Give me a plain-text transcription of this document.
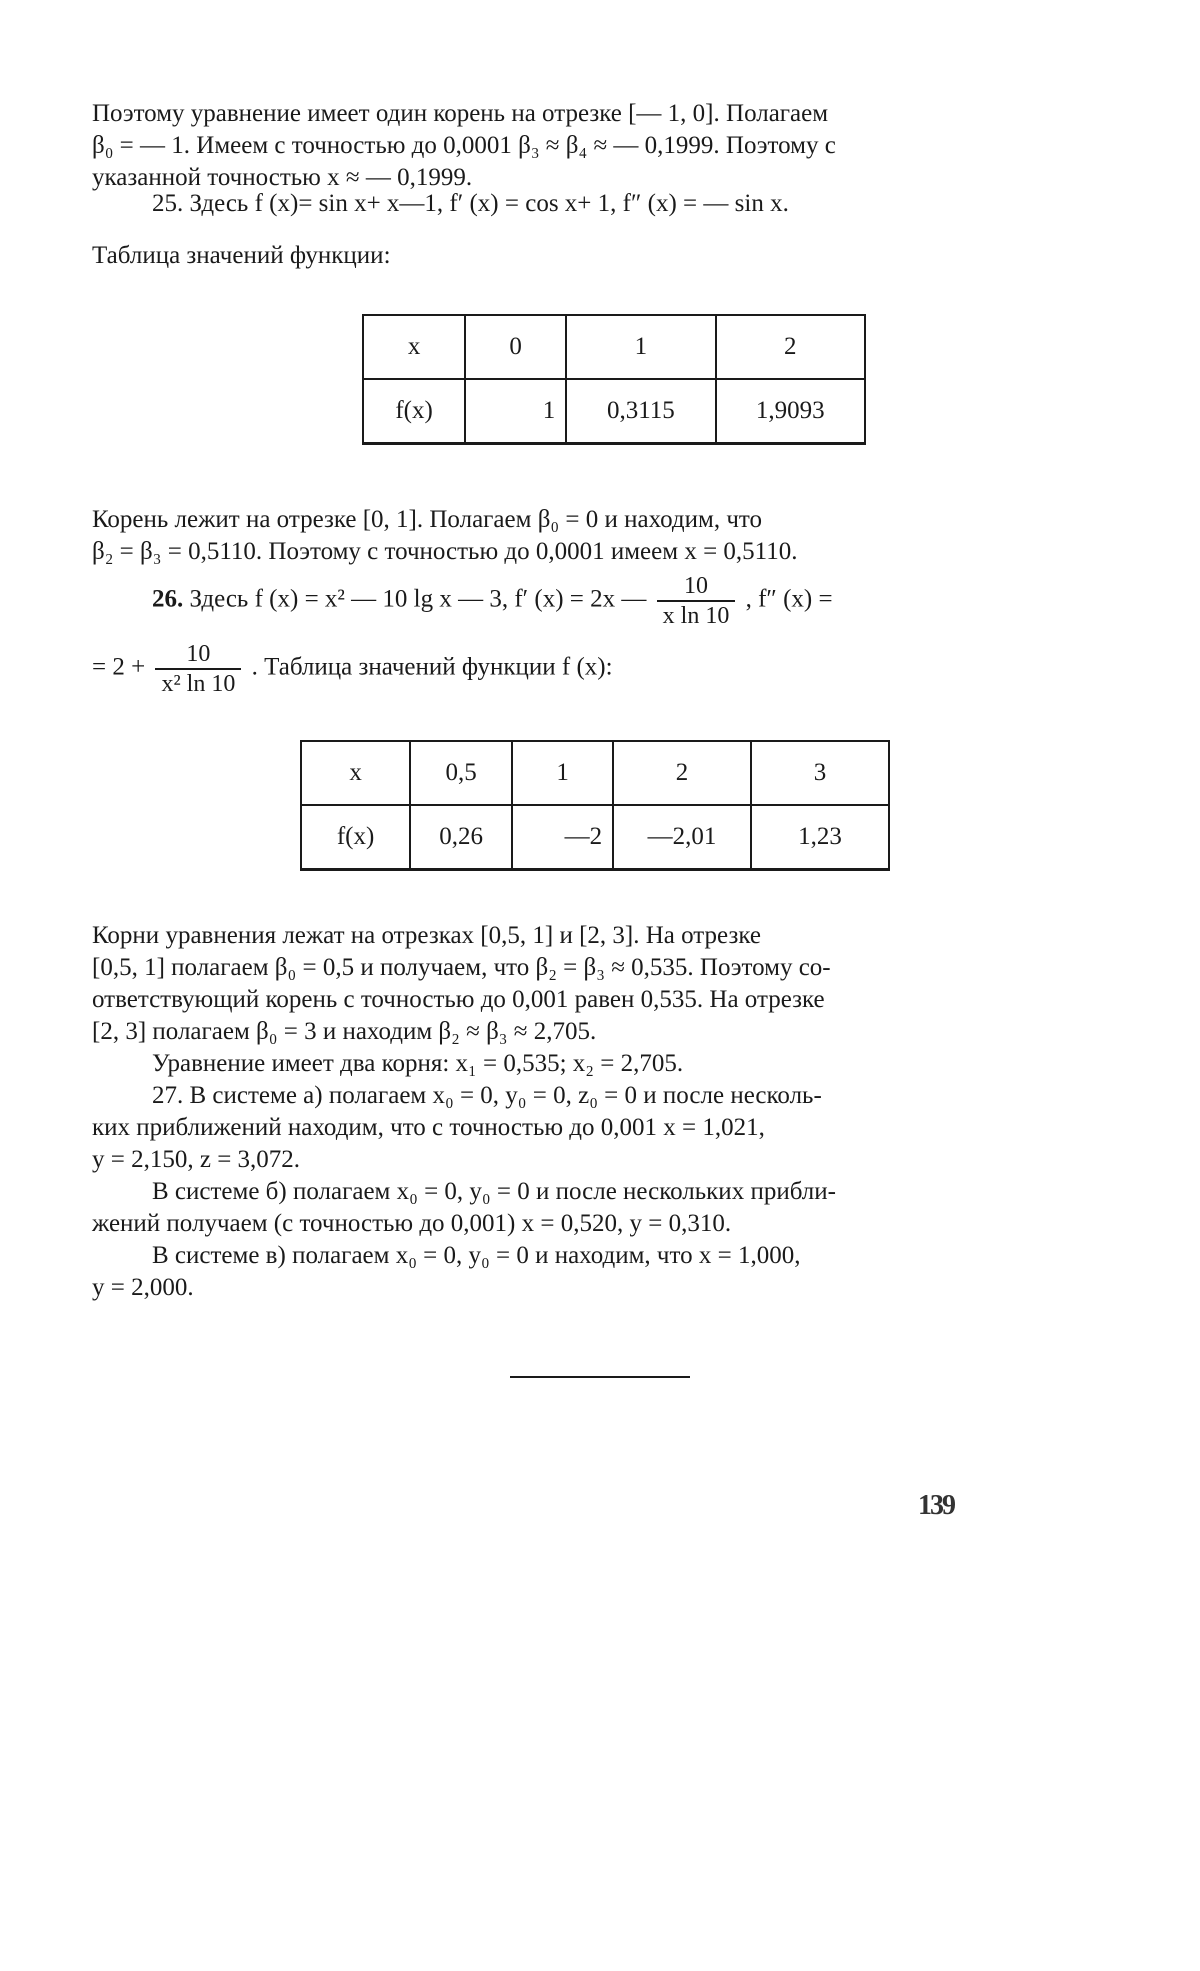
Поэтому уравнение имеет один корень на отрезке [— 1, 0]. Полагаем
β₀ = — 1. Имеем с точностью до 0,0001 β₃ ≈ β₄ ≈ — 0,1999. Поэтому с
указанной точностью x ≈ — 0,1999.
25. Здесь f (x)= sin x+ x—1, f′ (x) = cos x+ 1, f″ (x) = — sin x.
Таблица значений функции:
x	0	1	2
f(x)	1	0,3115	1,9093
Корень лежит на отрезке [0, 1]. Полагаем β₀ = 0 и находим, что
β₂ = β₃ = 0,5110. Поэтому с точностью до 0,0001 имеем x = 0,5110.
26. Здесь f (x) = x² — 10 lg x — 3, f′ (x) = 2x — $\frac{10}{\text{x ln 10}}$ , f″ (x) =
= $2 + \frac{10}{\text{x² ln 10}}$ . Таблица значений функции f (x):
x	0,5	1	2	3
f(x)	0,26	—2	—2,01	1,23
Корни уравнения лежат на отрезках [0,5, 1] и [2, 3]. На отрезке
[0,5, 1] полагаем β₀ = 0,5 и получаем, что β₂ = β₃ ≈ 0,535. Поэтому со-
ответствующий корень с точностью до 0,001 равен 0,535. На отрезке
[2, 3] полагаем β₀ = 3 и находим β₂ ≈ β₃ ≈ 2,705.
Уравнение имеет два корня: x₁ = 0,535; x₂ = 2,705.
27. В системе а) полагаем x₀ = 0, y₀ = 0, z₀ = 0 и после несколь-
ких приближений находим, что с точностью до 0,001 x = 1,021,
y = 2,150, z = 3,072.
В системе б) полагаем x₀ = 0, y₀ = 0 и после нескольких прибли-
жений получаем (с точностью до 0,001) x = 0,520, y = 0,310.
В системе в) полагаем x₀ = 0, y₀ = 0 и находим, что x = 1,000,
y = 2,000.
139
